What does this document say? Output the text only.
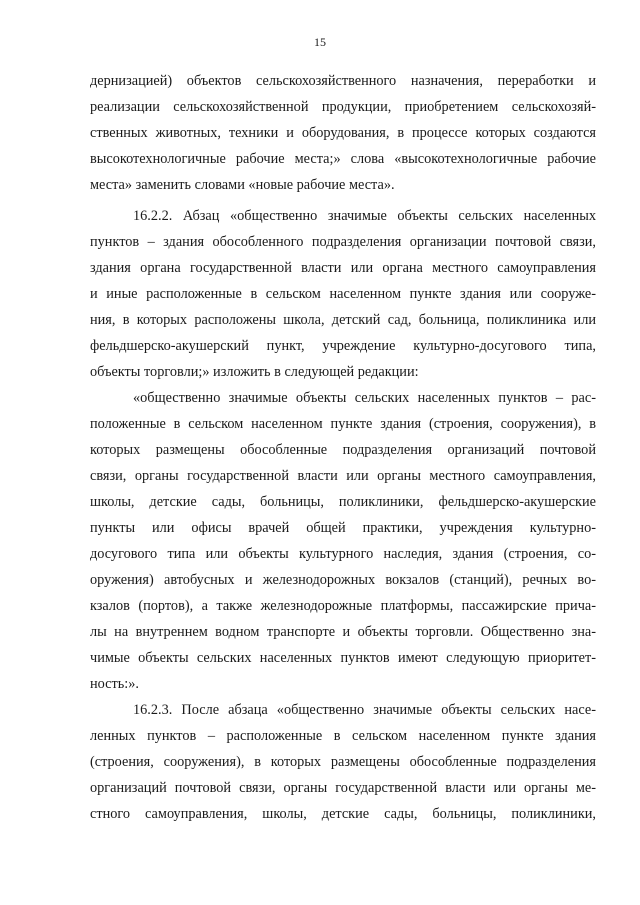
15
дернизацией) объектов сельскохозяйственного назначения, переработки и
реализации сельскохозяйственной продукции, приобретением сельскохозяй-
ственных животных, техники и оборудования, в процессе которых создаются
высокотехнологичные рабочие места;» слова «высокотехнологичные рабочие
места» заменить словами «новые рабочие места».
16.2.2. Абзац «общественно значимые объекты сельских населенных
пунктов – здания обособленного подразделения организации почтовой связи,
здания органа государственной власти или органа местного самоуправления
и иные расположенные в сельском населенном пункте здания или сооруже-
ния, в которых расположены школа, детский сад, больница, поликлиника или
фельдшерско-акушерский пункт, учреждение культурно-досугового типа,
объекты торговли;» изложить в следующей редакции:
«общественно значимые объекты сельских населенных пунктов – рас-
положенные в сельском населенном пункте здания (строения, сооружения), в
которых размещены обособленные подразделения организаций почтовой
связи, органы государственной власти или органы местного самоуправления,
школы, детские сады, больницы, поликлиники, фельдшерско-акушерские
пункты или офисы врачей общей практики, учреждения культурно-
досугового типа или объекты культурного наследия, здания (строения, со-
оружения) автобусных и железнодорожных вокзалов (станций), речных во-
кзалов (портов), а также железнодорожные платформы, пассажирские прича-
лы на внутреннем водном транспорте и объекты торговли. Общественно зна-
чимые объекты сельских населенных пунктов имеют следующую приоритет-
ность:».
16.2.3. После абзаца «общественно значимые объекты сельских насе-
ленных пунктов – расположенные в сельском населенном пункте здания
(строения, сооружения), в которых размещены обособленные подразделения
организаций почтовой связи, органы государственной власти или органы ме-
стного самоуправления, школы, детские сады, больницы, поликлиники,
